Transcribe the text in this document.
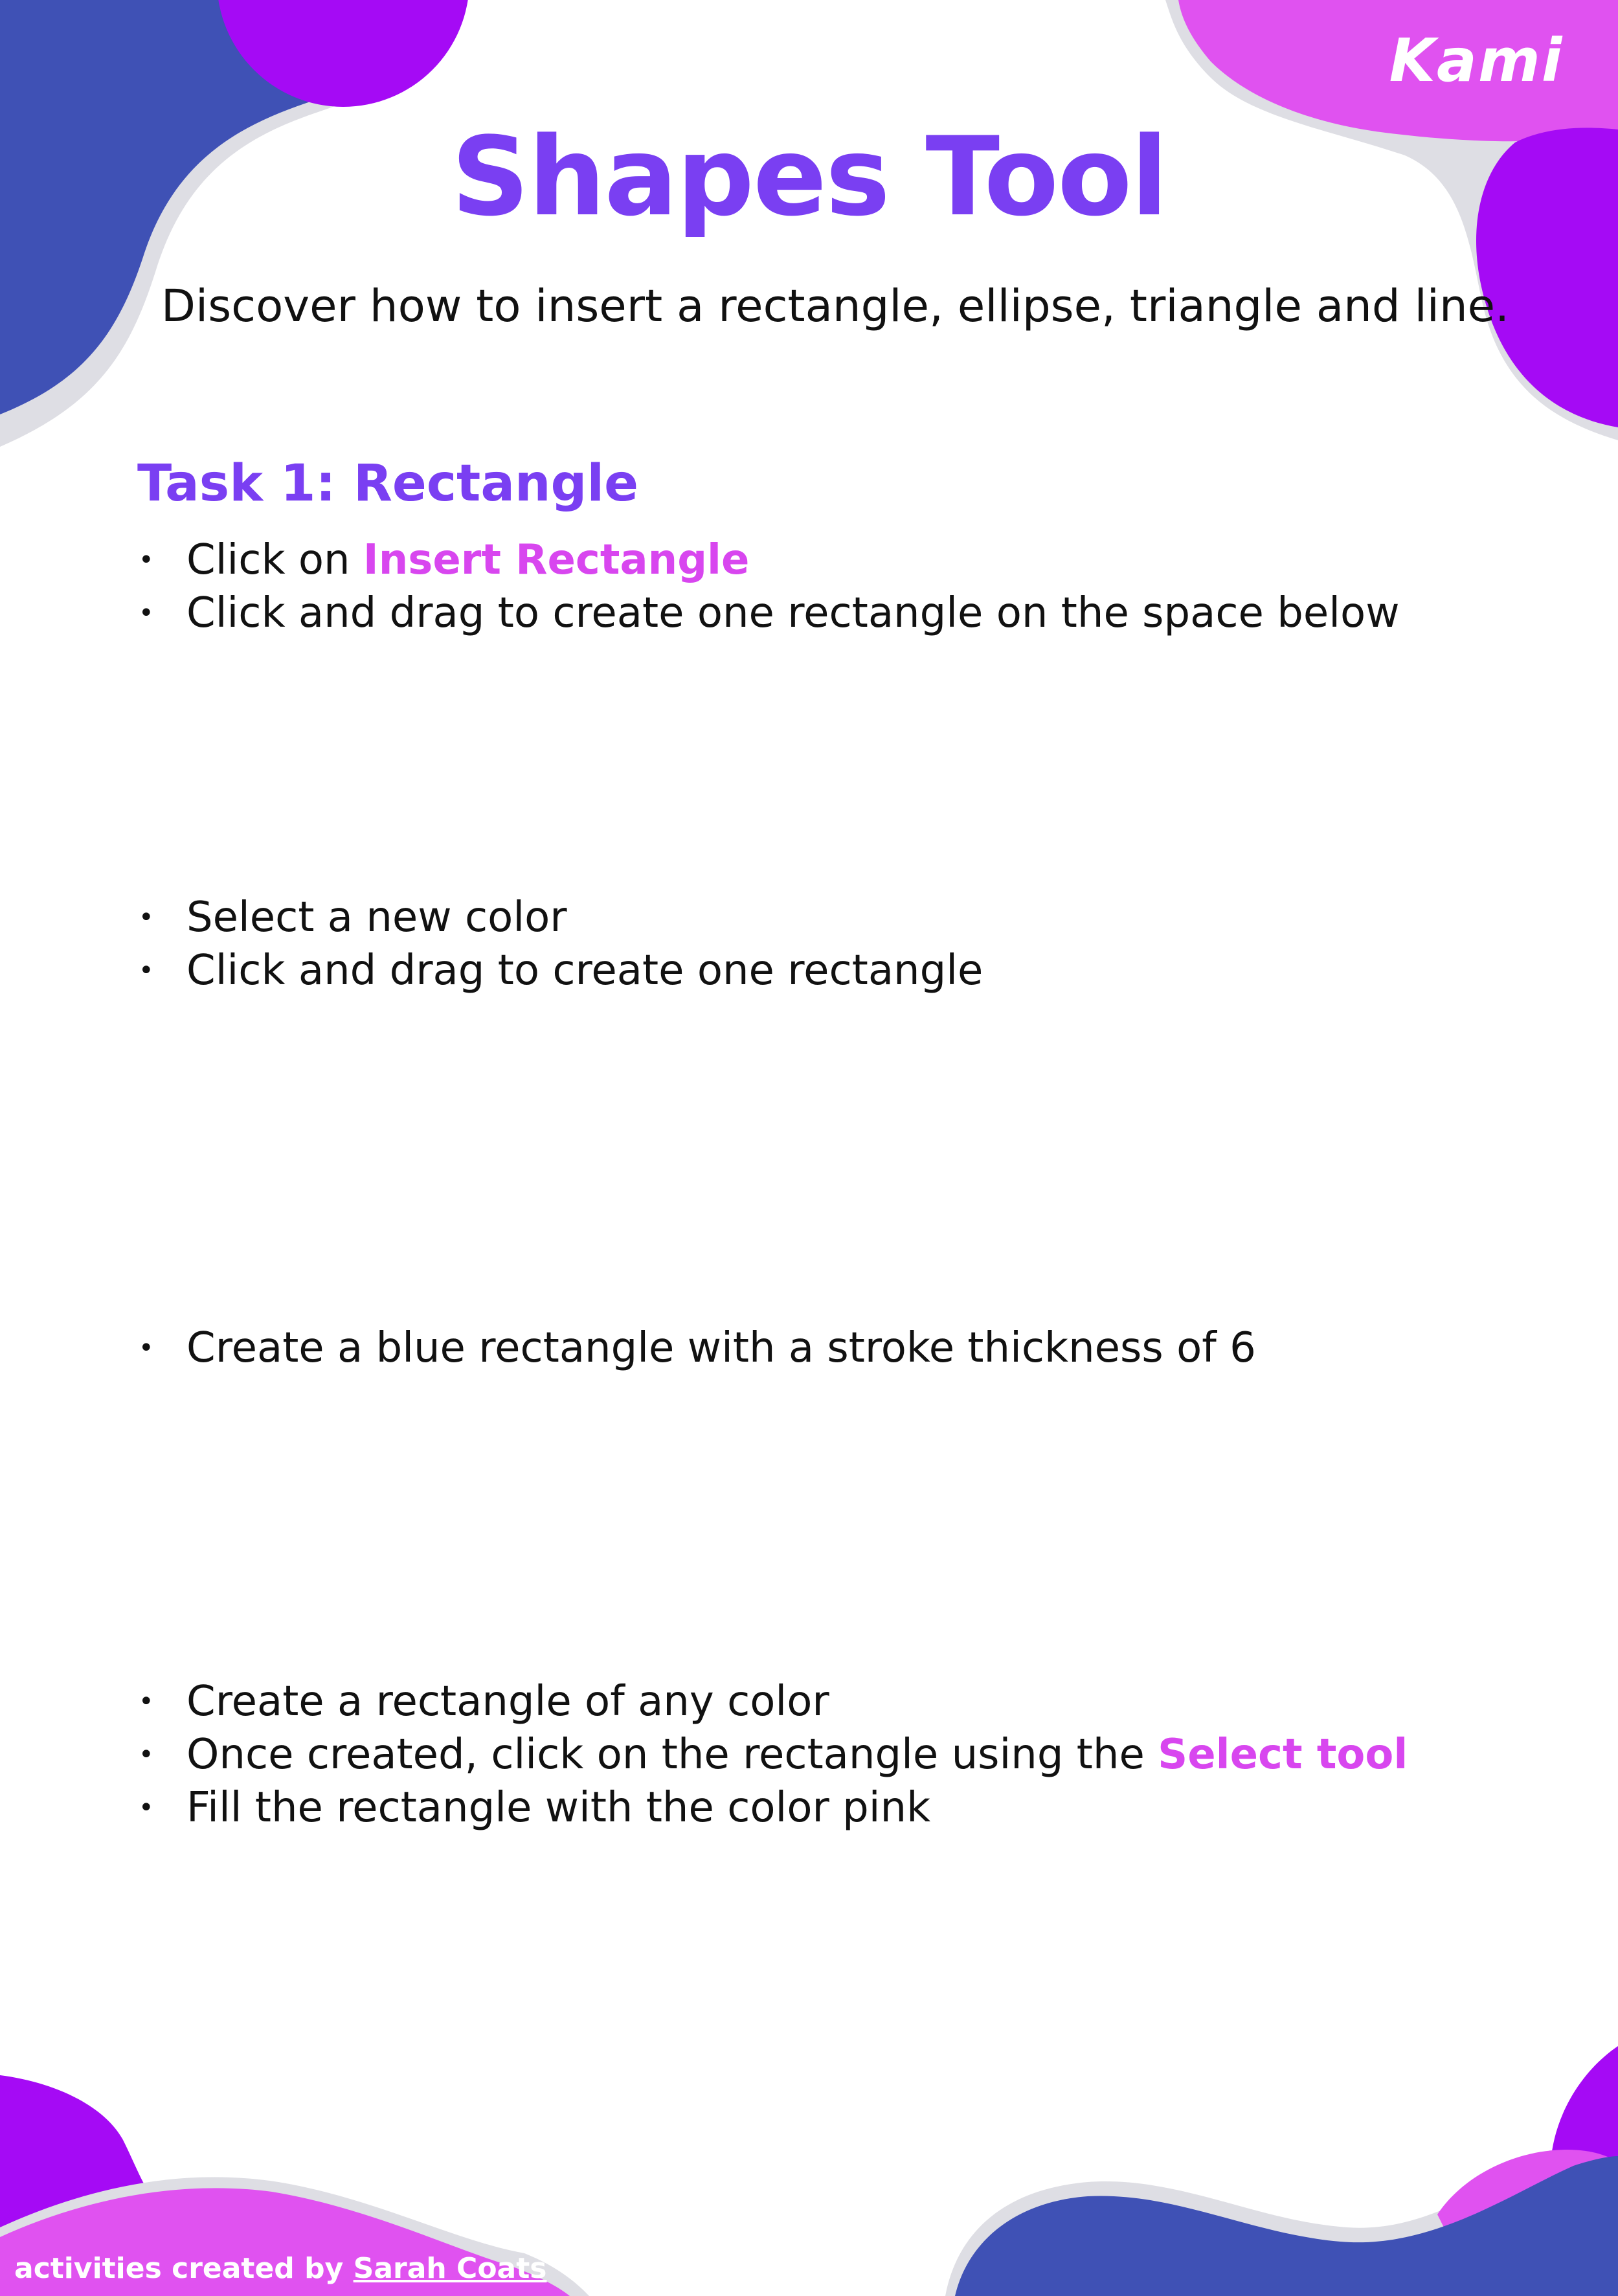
Kami
Shapes Tool
Discover how to insert a rectangle, ellipse, triangle and line.
Task 1: Rectangle
• Click on Insert Rectangle
• Click and drag to create one rectangle on the space below
• Select a new color
• Click and drag to create one rectangle
• Create a blue rectangle with a stroke thickness of 6
• Create a rectangle of any color
• Once created, click on the rectangle using the Select tool
• Fill the rectangle with the color pink
activities created by Sarah Coats
